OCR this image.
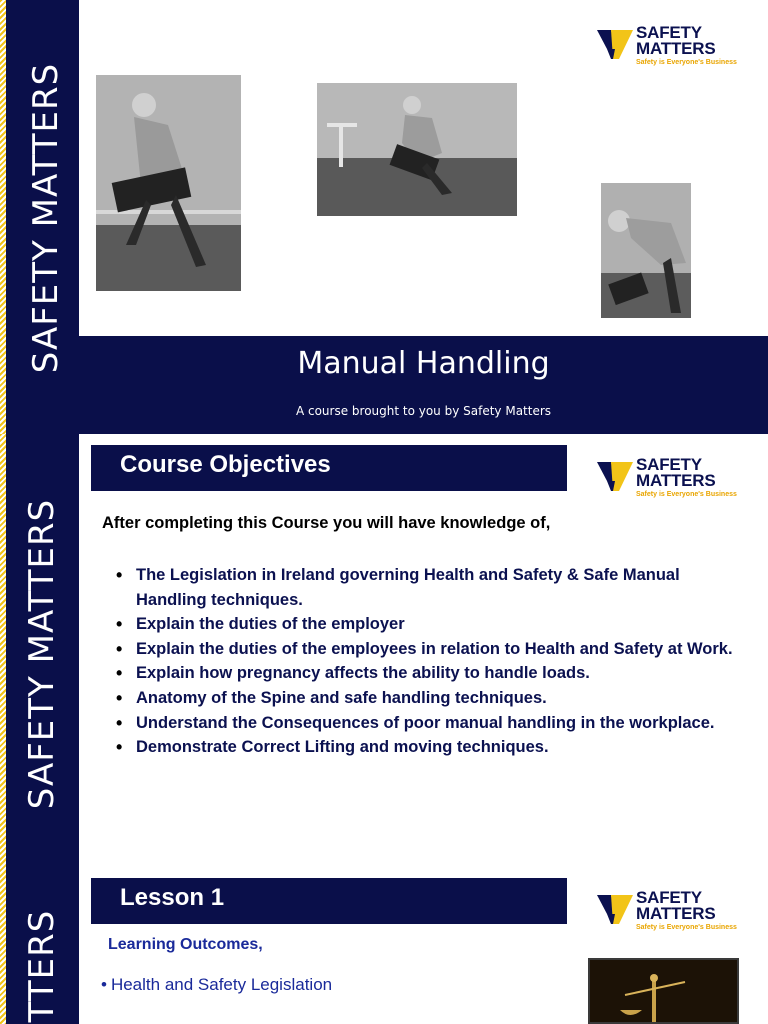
SAFETY MATTERS
SAFETY MATTERS
TTERS
SAFETY
MATTERS
Safety is Everyone's Business
Manual Handling
A course brought to you by Safety Matters
Course Objectives	SAFETY
MATTERS
Safety is Everyone's Business
After completing this Course you will have knowledge of,
• The Legislation in Ireland governing Health and Safety & Safe Manual Handling techniques.
• Explain the duties of the employer
• Explain the duties of the employees in relation to Health and Safety at Work.
• Explain how pregnancy affects the ability to handle loads.
• Anatomy of the Spine and safe handling techniques.
• Understand the Consequences of poor manual handling in the workplace.
• Demonstrate Correct Lifting and moving techniques.
Lesson 1	SAFETY
MATTERS
Safety is Everyone's Business
Learning Outcomes,
• Health and Safety Legislation
